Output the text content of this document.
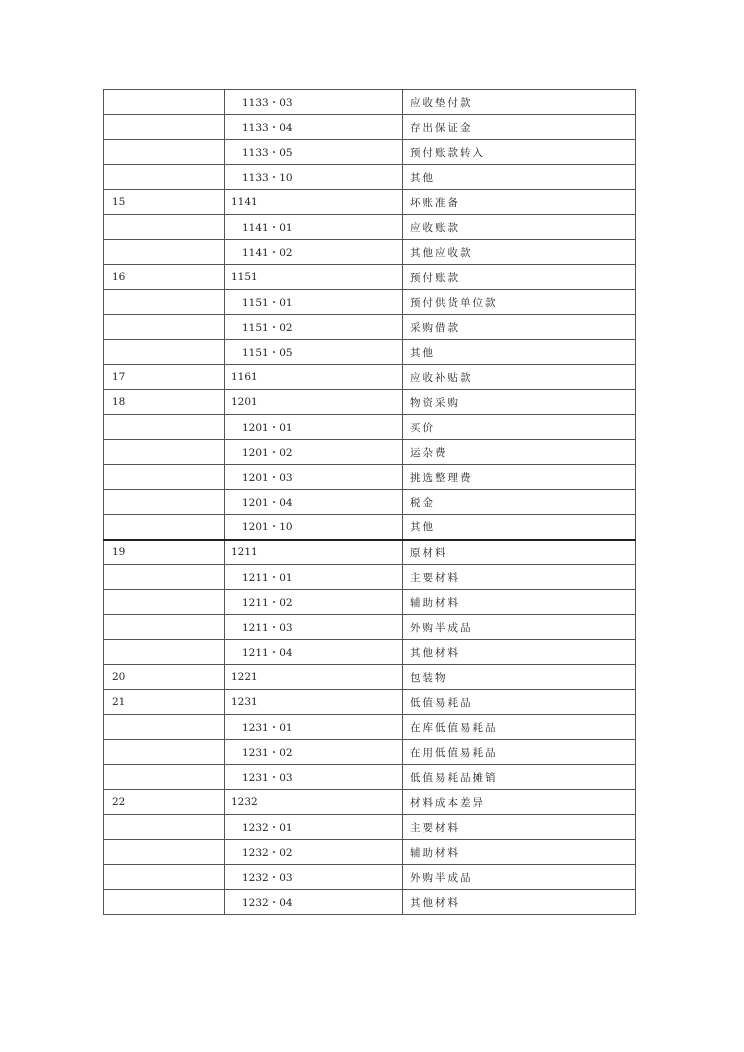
	1133・03	应收垫付款
	1133・04	存出保证金
	1133・05	预付账款转入
	1133・10	其他
15	1141	坏账准备
	1141・01	应收账款
	1141・02	其他应收款
16	1151	预付账款
	1151・01	预付供货单位款
	1151・02	采购借款
	1151・05	其他
17	1161	应收补贴款
18	1201	物资采购
	1201・01	买价
	1201・02	运杂费
	1201・03	挑选整理费
	1201・04	税金
	1201・10	其他
19	1211	原材料
	1211・01	主要材料
	1211・02	辅助材料
	1211・03	外购半成品
	1211・04	其他材料
20	1221	包装物
21	1231	低值易耗品
	1231・01	在库低值易耗品
	1231・02	在用低值易耗品
	1231・03	低值易耗品摊销
22	1232	材料成本差异
	1232・01	主要材料
	1232・02	辅助材料
	1232・03	外购半成品
	1232・04	其他材料
